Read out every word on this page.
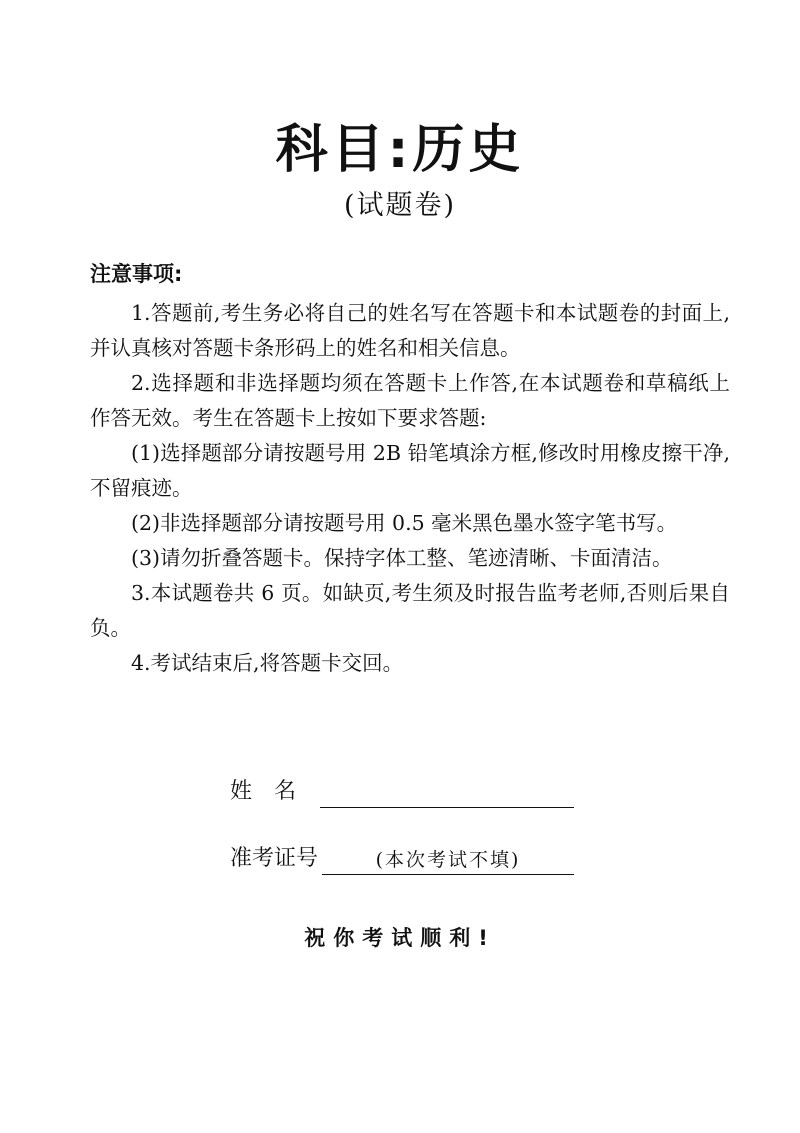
科目:历史
(试题卷)
注意事项:

1.答题前,考生务必将自己的姓名写在答题卡和本试题卷的封面上,并认真核对答题卡条形码上的姓名和相关信息。

2.选择题和非选择题均须在答题卡上作答,在本试题卷和草稿纸上作答无效。考生在答题卡上按如下要求答题:

(1)选择题部分请按题号用 2B 铅笔填涂方框,修改时用橡皮擦干净,不留痕迹。

(2)非选择题部分请按题号用 0.5 毫米黑色墨水签字笔书写。

(3)请勿折叠答题卡。保持字体工整、笔迹清晰、卡面清洁。

3.本试题卷共 6 页。如缺页,考生须及时报告监考老师,否则后果自负。

4.考试结束后,将答题卡交回。

姓名
准考证号	(本次考试不填)
祝你考试顺利!
